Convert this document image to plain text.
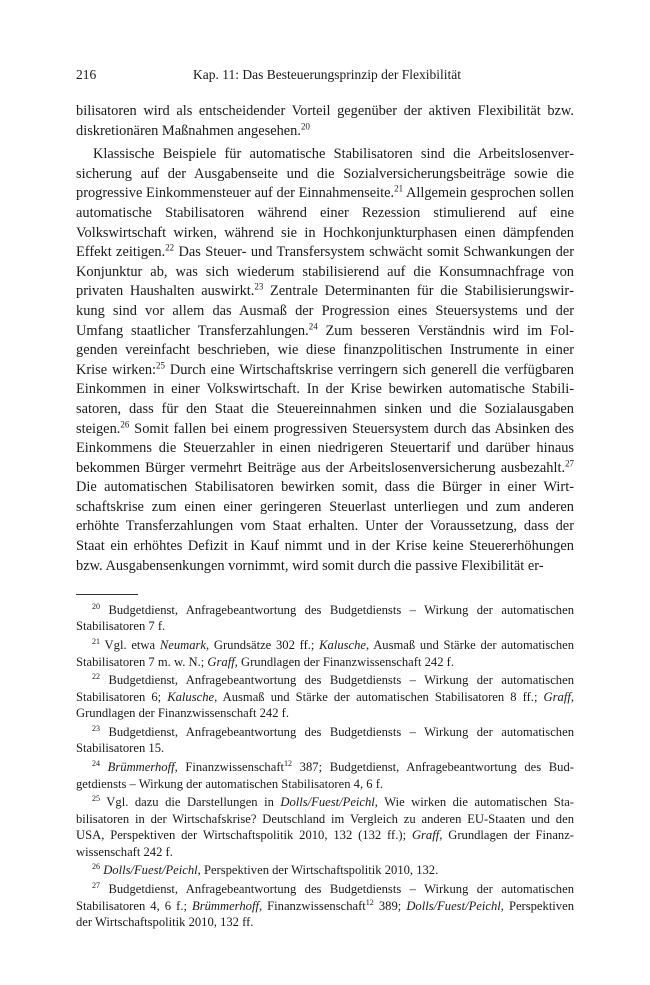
216	Kap. 11: Das Besteuerungsprinzip der Flexibilität

bilisatoren wird als entscheidender Vorteil gegenüber der aktiven Flexibilität bzw. diskretionären Maßnahmen angesehen.$^{20}$

Klassische Beispiele für automatische Stabilisatoren sind die Arbeitslosenversicherung auf der Ausgabenseite und die Sozialversicherungsbeiträge sowie die progressive Einkommensteuer auf der Einnahmenseite.$^{21}$ Allgemein gesprochen sollen automatische Stabilisatoren während einer Rezession stimulierend auf eine Volkswirtschaft wirken, während sie in Hochkonjunkturphasen einen dämpfenden Effekt zeitigen.$^{22}$ Das Steuer- und Transfersystem schwächt somit Schwankungen der Konjunktur ab, was sich wiederum stabilisierend auf die Konsumnachfrage von privaten Haushalten auswirkt.$^{23}$ Zentrale Determinanten für die Stabilisierungswirkung sind vor allem das Ausmaß der Progression eines Steuersystems und der Umfang staatlicher Transferzahlungen.$^{24}$ Zum besseren Verständnis wird im Folgenden vereinfacht beschrieben, wie diese finanzpolitischen Instrumente in einer Krise wirken:$^{25}$ Durch eine Wirtschaftskrise verringern sich generell die verfügbaren Einkommen in einer Volkswirtschaft. In der Krise bewirken automatische Stabilisatoren, dass für den Staat die Steuereinnahmen sinken und die Sozialausgaben steigen.$^{26}$ Somit fallen bei einem progressiven Steuersystem durch das Absinken des Einkommens die Steuerzahler in einen niedrigeren Steuertarif und darüber hinaus bekommen Bürger vermehrt Beiträge aus der Arbeitslosenversicherung ausbezahlt.$^{27}$ Die automatischen Stabilisatoren bewirken somit, dass die Bürger in einer Wirtschaftskrise zum einen einer geringeren Steuerlast unterliegen und zum anderen erhöhte Transferzahlungen vom Staat erhalten. Unter der Voraussetzung, dass der Staat ein erhöhtes Defizit in Kauf nimmt und in der Krise keine Steuererhöhungen bzw. Ausgabensenkungen vornimmt, wird somit durch die passive Flexibilität er-

$^{20}$ Budgetdienst, Anfragebeantwortung des Budgetdiensts – Wirkung der automatischen Stabilisatoren 7 f.

$^{21}$ Vgl. etwa Neumark, Grundsätze 302 ff.; Kalusche, Ausmaß und Stärke der automatischen Stabilisatoren 7 m. w. N.; Graff, Grundlagen der Finanzwissenschaft 242 f.

$^{22}$ Budgetdienst, Anfragebeantwortung des Budgetdiensts – Wirkung der automatischen Stabilisatoren 6; Kalusche, Ausmaß und Stärke der automatischen Stabilisatoren 8 ff.; Graff, Grundlagen der Finanzwissenschaft 242 f.

$^{23}$ Budgetdienst, Anfragebeantwortung des Budgetdiensts – Wirkung der automatischen Stabilisatoren 15.

$^{24}$ Brümmerhoff, Finanzwissenschaft$^{12}$ 387; Budgetdienst, Anfragebeantwortung des Budgetdiensts – Wirkung der automatischen Stabilisatoren 4, 6 f.

$^{25}$ Vgl. dazu die Darstellungen in Dolls/Fuest/Peichl, Wie wirken die automatischen Stabilisatoren in der Wirtschafskrise? Deutschland im Vergleich zu anderen EU-Staaten und den USA, Perspektiven der Wirtschaftspolitik 2010, 132 (132 ff.); Graff, Grundlagen der Finanzwissenschaft 242 f.

$^{26}$ Dolls/Fuest/Peichl, Perspektiven der Wirtschaftspolitik 2010, 132.

$^{27}$ Budgetdienst, Anfragebeantwortung des Budgetdiensts – Wirkung der automatischen Stabilisatoren 4, 6 f.; Brümmerhoff, Finanzwissenschaft$^{12}$ 389; Dolls/Fuest/Peichl, Perspektiven der Wirtschaftspolitik 2010, 132 ff.
